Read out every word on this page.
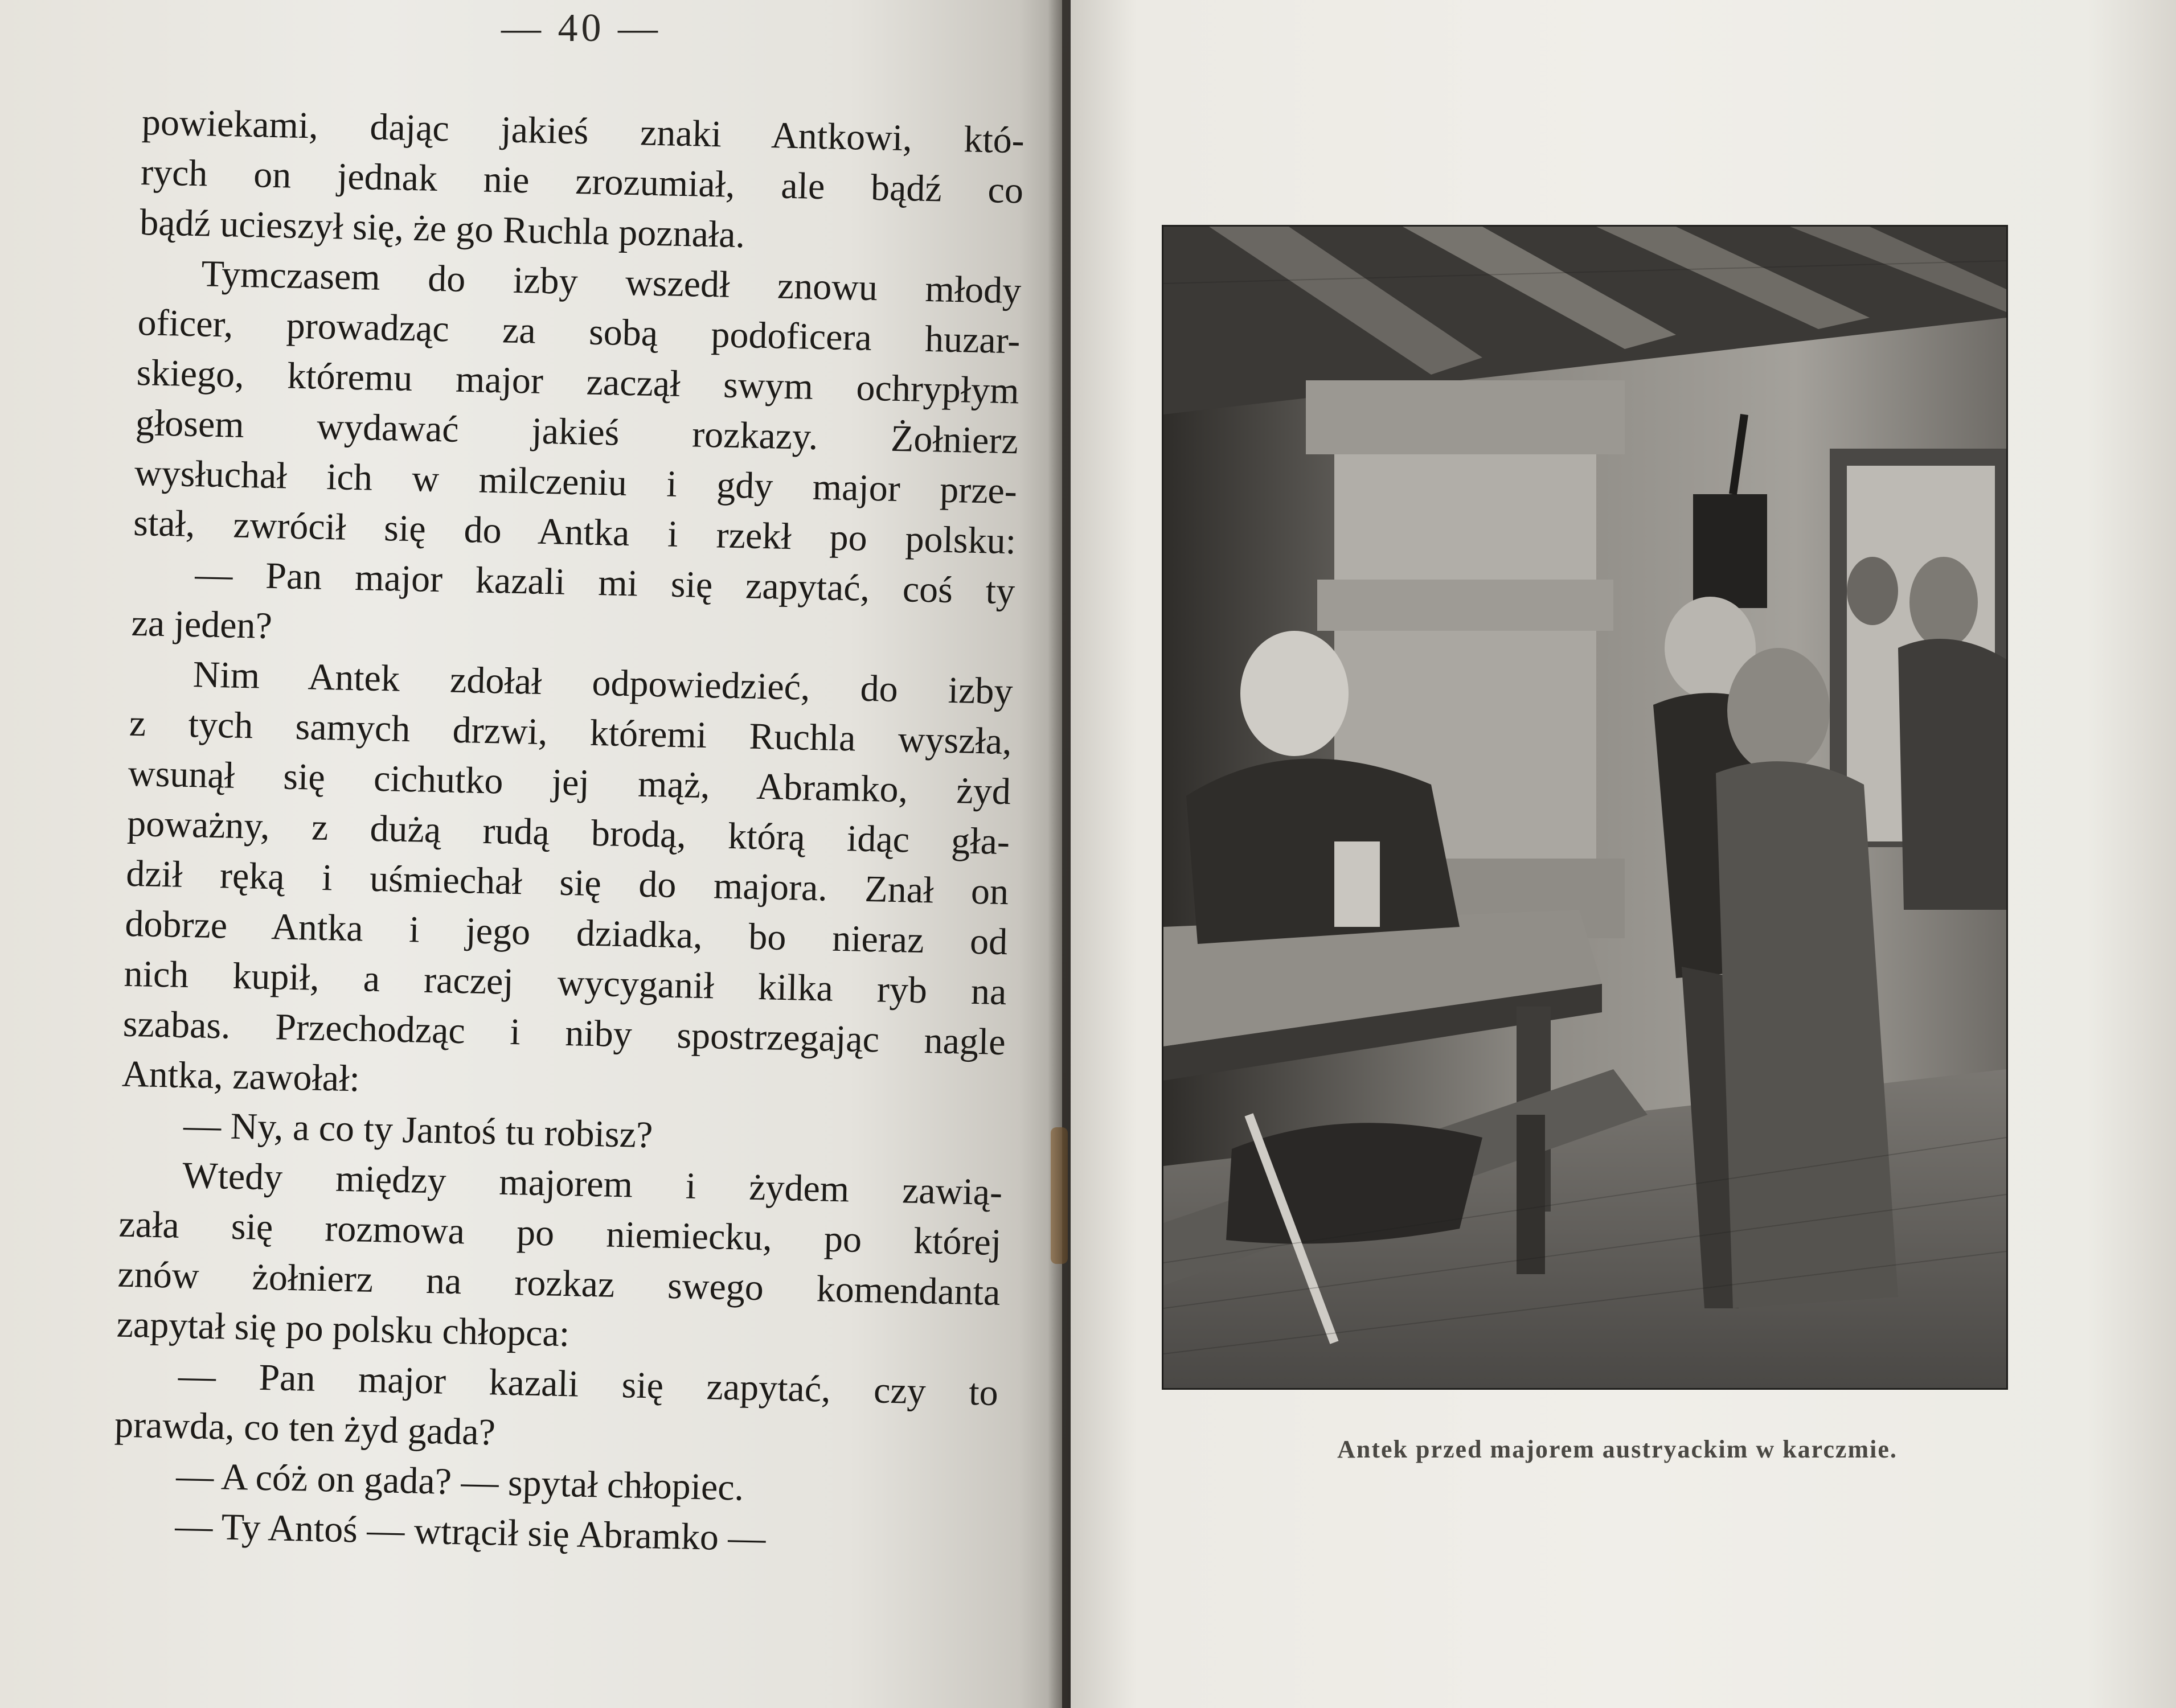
— 40 —
powiekami, dając jakieś znaki Antkowi, któ-
rych on jednak nie zrozumiał, ale bądź co
bądź ucieszył się, że go Ruchla poznała.
Tymczasem do izby wszedł znowu młody
oficer, prowadząc za sobą podoficera huzar-
skiego, któremu major zaczął swym ochrypłym
głosem wydawać jakieś rozkazy. Żołnierz
wysłuchał ich w milczeniu i gdy major prze-
stał, zwrócił się do Antka i rzekł po polsku:
— Pan major kazali mi się zapytać, coś ty
za jeden?
Nim Antek zdołał odpowiedzieć, do izby
z tych samych drzwi, któremi Ruchla wyszła,
wsunął się cichutko jej mąż, Abramko, żyd
poważny, z dużą rudą brodą, którą idąc gła-
dził ręką i uśmiechał się do majora. Znał on
dobrze Antka i jego dziadka, bo nieraz od
nich kupił, a raczej wycyganił kilka ryb na
szabas. Przechodząc i niby spostrzegając nagle
Antka, zawołał:
— Ny, a co ty Jantoś tu robisz?
Wtedy między majorem i żydem zawią-
zała się rozmowa po niemiecku, po której
znów żołnierz na rozkaz swego komendanta
zapytał się po polsku chłopca:
— Pan major kazali się zapytać, czy to
prawda, co ten żyd gada?
— A cóż on gada? — spytał chłopiec.
— Ty Antoś — wtrącił się Abramko —
Antek przed majorem austryackim w karczmie.
